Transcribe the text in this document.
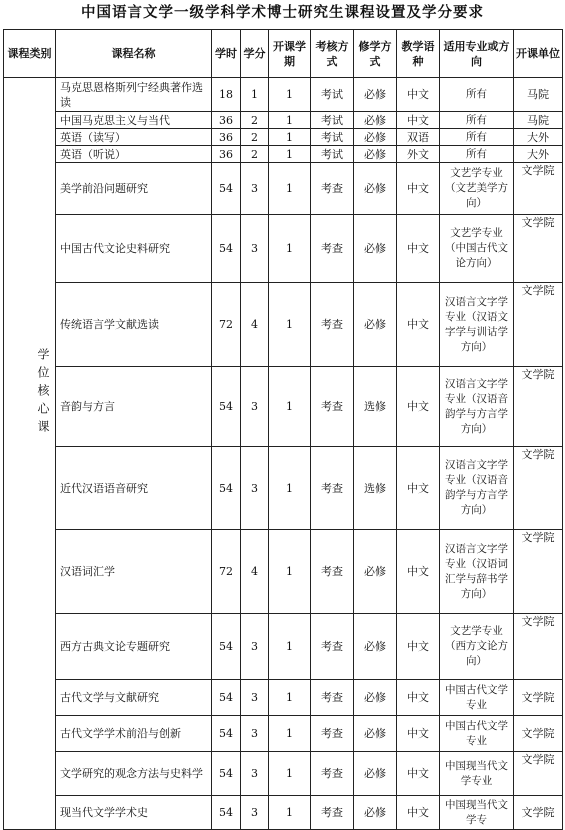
中国语言文学一级学科学术博士研究生课程设置及学分要求
课程类别	课程名称	学时	学分	开课学期	考核方式	修学方式	教学语种	适用专业或方向	开课单位

学位核心课	马克思恩格斯列宁经典著作选读	18	1	1	考试	必修	中文	所有	马院
	中国马克思主义与当代	36	2	1	考试	必修	中文	所有	马院
	英语（读写）	36	2	1	考试	必修	双语	所有	大外
	英语（听说）	36	2	1	考试	必修	外文	所有	大外
	美学前沿问题研究	54	3	1	考查	必修	中文	文艺学专业（文艺美学方向）	文学院
	中国古代文论史料研究	54	3	1	考查	必修	中文	文艺学专业（中国古代文论方向）	文学院
	传统语言学文献选读	72	4	1	考查	必修	中文	汉语言文字学专业（汉语文字学与训诂学方向）	文学院
	音韵与方言	54	3	1	考查	选修	中文	汉语言文字学专业（汉语音韵学与方言学方向）	文学院
	近代汉语语音研究	54	3	1	考查	选修	中文	汉语言文字学专业（汉语音韵学与方言学方向）	文学院
	汉语词汇学	72	4	1	考查	必修	中文	汉语言文字学专业（汉语词汇学与辞书学方向）	文学院
	西方古典文论专题研究	54	3	1	考查	必修	中文	文艺学专业（西方文论方向）	文学院
	古代文学与文献研究	54	3	1	考查	必修	中文	中国古代文学专业	文学院
	古代文学学术前沿与创新	54	3	1	考查	必修	中文	中国古代文学专业	文学院
	文学研究的观念方法与史料学	54	3	1	考查	必修	中文	中国现当代文学专业	文学院
	现当代文学学术史	54	3	1	考查	必修	中文	中国现当代文学专	文学院
